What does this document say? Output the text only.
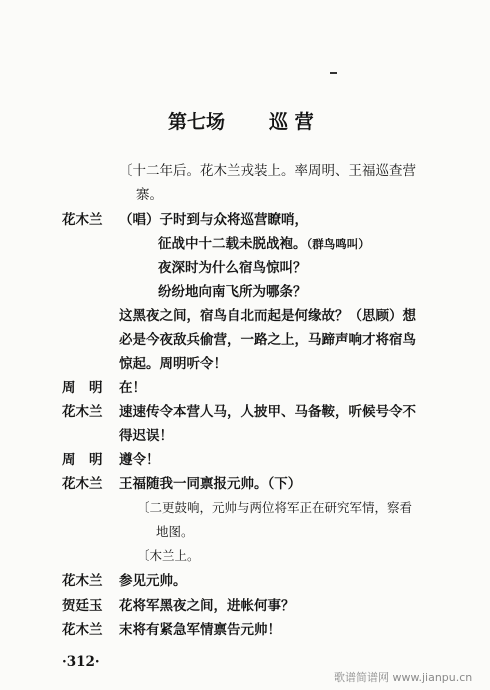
第七场 巡 营
〔十二年后。花木兰戎装上。率周明、王福巡查营
寨。
花木兰 （唱）子时到与众将巡营瞭哨，
征战中十二载未脱战袍。（群鸟鸣叫）
夜深时为什么宿鸟惊叫？
纷纷地向南飞所为哪条？
这黑夜之间，宿鸟自北而起是何缘故？（思顾）想
必是今夜敌兵偷营，一路之上，马蹄声响才将宿鸟
惊起。周明听令！
周　明 在！
花木兰 速速传令本营人马，人披甲、马备鞍，听候号令不
得迟误！
周　明 遵令！
花木兰 王福随我一同禀报元帅。（下）
〔二更鼓响，元帅与两位将军正在研究军情，察看
地图。
〔木兰上。
花木兰 参见元帅。
贺廷玉 花将军黑夜之间，进帐何事？
花木兰 末将有紧急军情禀告元帅！
·312·
歌谱简谱网 www.jianpu.cn
